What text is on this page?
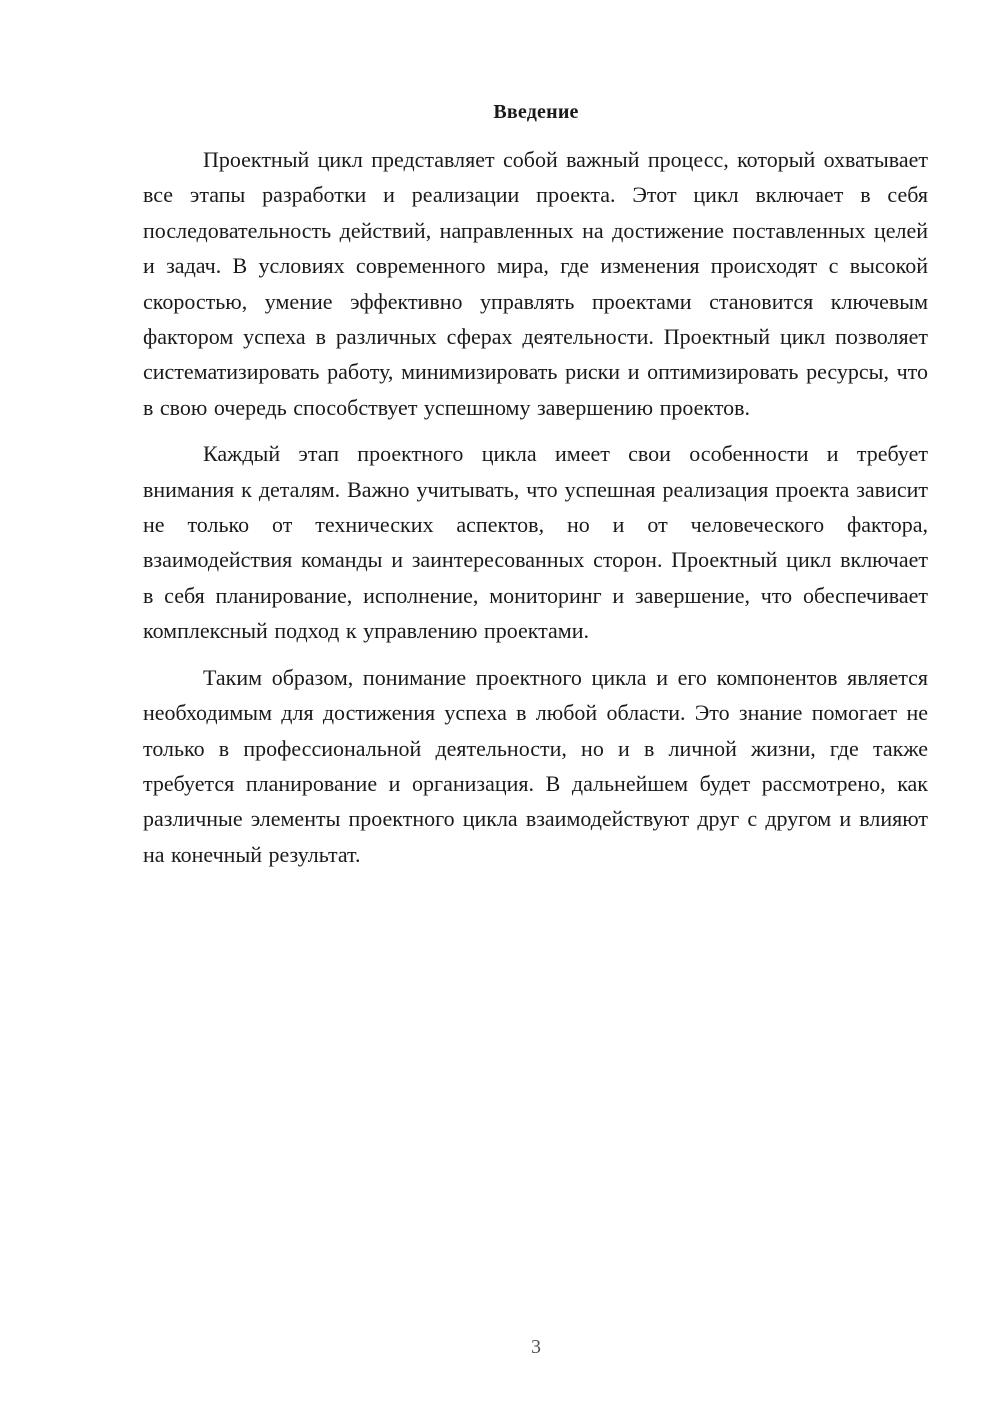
Введение

Проектный цикл представляет собой важный процесс, который охватывает все этапы разработки и реализации проекта. Этот цикл включает в себя последовательность действий, направленных на достижение поставленных целей и задач. В условиях современного мира, где изменения происходят с высокой скоростью, умение эффективно управлять проектами становится ключевым фактором успеха в различных сферах деятельности. Проектный цикл позволяет систематизировать работу, минимизировать риски и оптимизировать ресурсы, что в свою очередь способствует успешному завершению проектов.

Каждый этап проектного цикла имеет свои особенности и требует внимания к деталям. Важно учитывать, что успешная реализация проекта зависит не только от технических аспектов, но и от человеческого фактора, взаимодействия команды и заинтересованных сторон. Проектный цикл включает в себя планирование, исполнение, мониторинг и завершение, что обеспечивает комплексный подход к управлению проектами.

Таким образом, понимание проектного цикла и его компонентов является необходимым для достижения успеха в любой области. Это знание помогает не только в профессиональной деятельности, но и в личной жизни, где также требуется планирование и организация. В дальнейшем будет рассмотрено, как различные элементы проектного цикла взаимодействуют друг с другом и влияют на конечный результат.

3
